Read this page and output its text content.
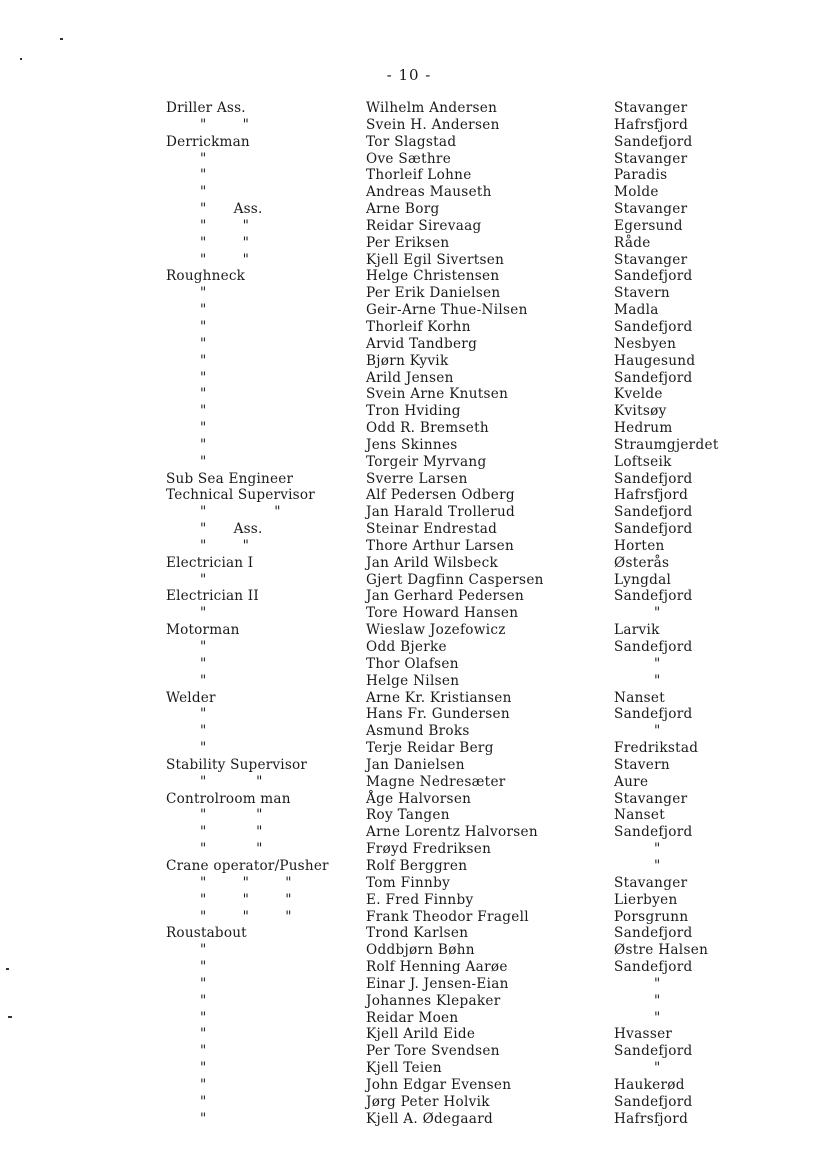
- 10 -
Driller Ass.	Wilhelm Andersen	Stavanger
"        "	Svein H. Andersen	Hafrsfjord
Derrickman	Tor Slagstad	Sandefjord
"	Ove Sæthre	Stavanger
"	Thorleif Lohne	Paradis
"	Andreas Mauseth	Molde
"      Ass.	Arne Borg	Stavanger
"        "	Reidar Sirevaag	Egersund
"        "	Per Eriksen	Råde
"        "	Kjell Egil Sivertsen	Stavanger
Roughneck	Helge Christensen	Sandefjord
"	Per Erik Danielsen	Stavern
"	Geir-Arne Thue-Nilsen	Madla
"	Thorleif Korhn	Sandefjord
"	Arvid Tandberg	Nesbyen
"	Bjørn Kyvik	Haugesund
"	Arild Jensen	Sandefjord
"	Svein Arne Knutsen	Kvelde
"	Tron Hviding	Kvitsøy
"	Odd R. Bremseth	Hedrum
"	Jens Skinnes	Straumgjerdet
"	Torgeir Myrvang	Loftseik
Sub Sea Engineer	Sverre Larsen	Sandefjord
Technical Supervisor	Alf Pedersen Odberg	Hafrsfjord
"               "	Jan Harald Trollerud	Sandefjord
"      Ass.	Steinar Endrestad	Sandefjord
"        "	Thore Arthur Larsen	Horten
Electrician I	Jan Arild Wilsbeck	Østerås
"	Gjert Dagfinn Caspersen	Lyngdal
Electrician II	Jan Gerhard Pedersen	Sandefjord
"	Tore Howard Hansen	"
Motorman	Wieslaw Jozefowicz	Larvik
"	Odd Bjerke	Sandefjord
"	Thor Olafsen	"
"	Helge Nilsen	"
Welder	Arne Kr. Kristiansen	Nanset
"	Hans Fr. Gundersen	Sandefjord
"	Asmund Broks	"
"	Terje Reidar Berg	Fredrikstad
Stability Supervisor	Jan Danielsen	Stavern
"           "	Magne Nedresæter	Aure
Controlroom man	Åge Halvorsen	Stavanger
"           "	Roy Tangen	Nanset
"           "	Arne Lorentz Halvorsen	Sandefjord
"           "	Frøyd Fredriksen	"
Crane operator/Pusher	Rolf Berggren	"
"        "        "	Tom Finnby	Stavanger
"        "        "	E. Fred Finnby	Lierbyen
"        "        "	Frank Theodor Fragell	Porsgrunn
Roustabout	Trond Karlsen	Sandefjord
"	Oddbjørn Bøhn	Østre Halsen
"	Rolf Henning Aarøe	Sandefjord
"	Einar J. Jensen-Eian	"
"	Johannes Klepaker	"
"	Reidar Moen	"
"	Kjell Arild Eide	Hvasser
"	Per Tore Svendsen	Sandefjord
"	Kjell Teien	"
"	John Edgar Evensen	Haukerød
"	Jørg Peter Holvik	Sandefjord
"	Kjell A. Ødegaard	Hafrsfjord
